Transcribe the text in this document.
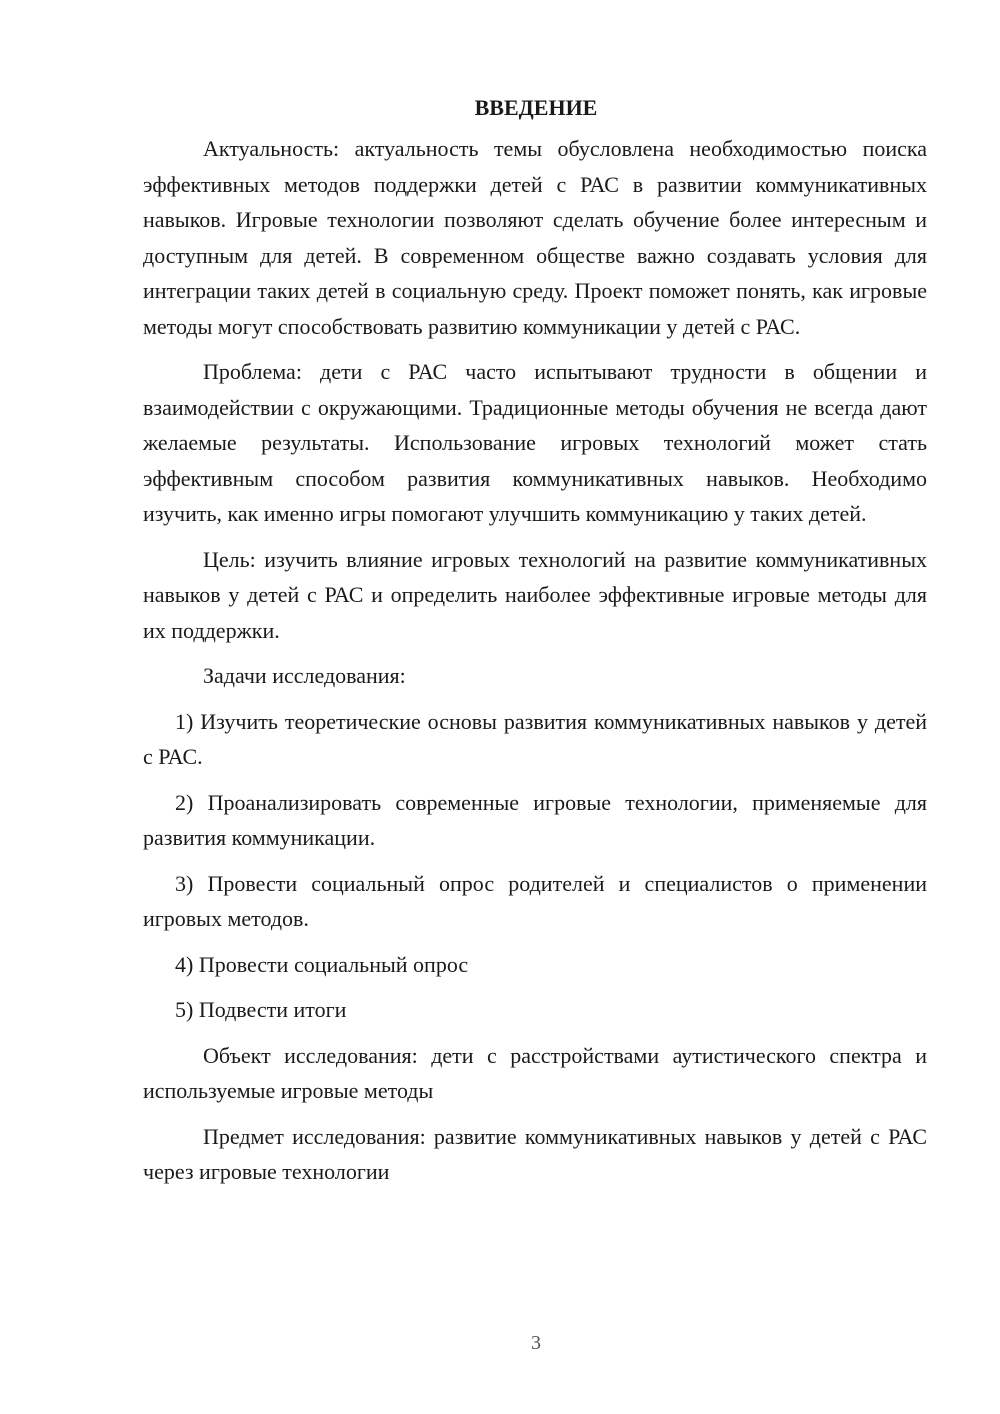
ВВЕДЕНИЕ

Актуальность: актуальность темы обусловлена необходимостью поиска эффективных методов поддержки детей с РАС в развитии коммуникативных навыков. Игровые технологии позволяют сделать обучение более интересным и доступным для детей. В современном обществе важно создавать условия для интеграции таких детей в социальную среду. Проект поможет понять, как игровые методы могут способствовать развитию коммуникации у детей с РАС.

Проблема: дети с РАС часто испытывают трудности в общении и взаимодействии с окружающими. Традиционные методы обучения не всегда дают желаемые результаты. Использование игровых технологий может стать эффективным способом развития коммуникативных навыков. Необходимо изучить, как именно игры помогают улучшить коммуникацию у таких детей.

Цель: изучить влияние игровых технологий на развитие коммуникативных навыков у детей с РАС и определить наиболее эффективные игровые методы для их поддержки.

Задачи исследования:

1) Изучить теоретические основы развития коммуникативных навыков у детей с РАС.

2) Проанализировать современные игровые технологии, применяемые для развития коммуникации.

3) Провести социальный опрос родителей и специалистов о применении игровых методов.

4) Провести социальный опрос

5) Подвести итоги

Объект исследования: дети с расстройствами аутистического спектра и используемые игровые методы

Предмет исследования: развитие коммуникативных навыков у детей с РАС через игровые технологии

3
